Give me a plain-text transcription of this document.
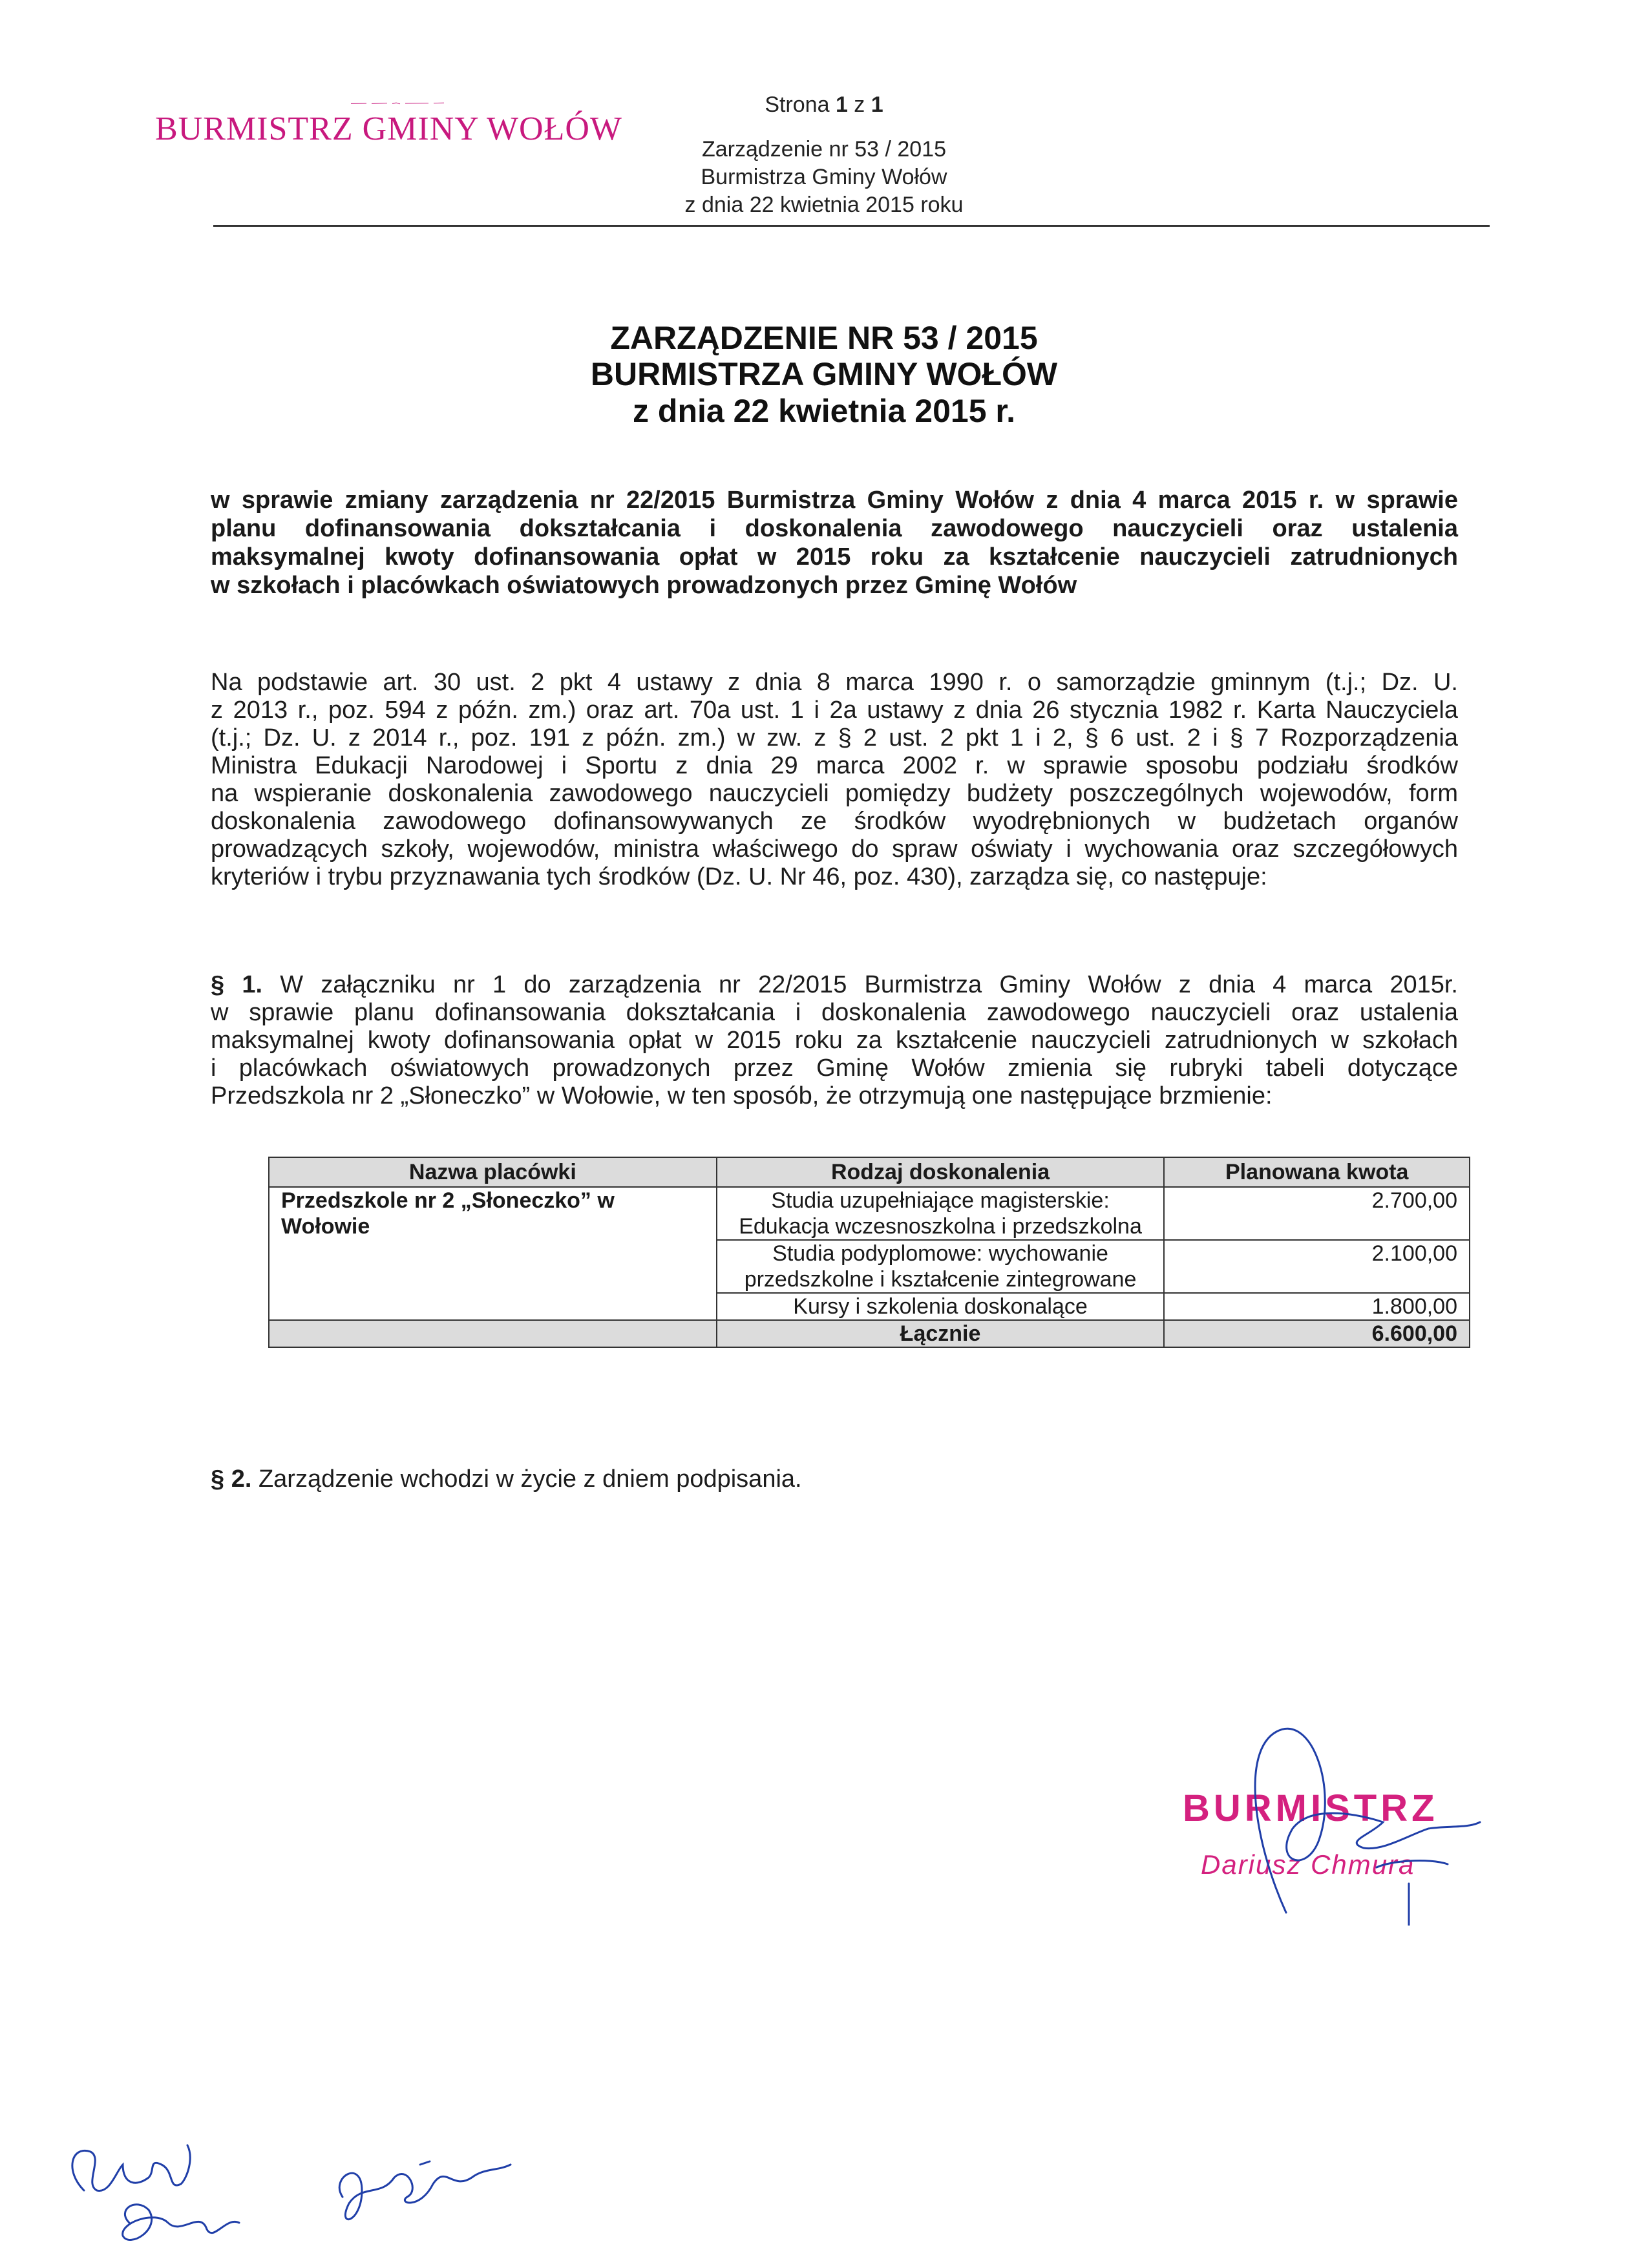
BURMISTRZ GMINY WOŁÓW
Strona 1 z 1
Zarządzenie nr 53 / 2015
Burmistrza Gminy Wołów
z dnia 22 kwietnia 2015 roku
ZARZĄDZENIE NR 53 / 2015
BURMISTRZA GMINY WOŁÓW
z dnia 22 kwietnia 2015 r.
w sprawie zmiany zarządzenia nr 22/2015 Burmistrza Gminy Wołów z dnia 4 marca 2015 r. w sprawie
planu dofinansowania dokształcania i doskonalenia zawodowego nauczycieli oraz ustalenia
maksymalnej kwoty dofinansowania opłat w 2015 roku za kształcenie nauczycieli zatrudnionych
w szkołach i placówkach oświatowych prowadzonych przez Gminę Wołów
Na podstawie art. 30 ust. 2 pkt 4 ustawy z dnia 8 marca 1990 r. o samorządzie gminnym (t.j.; Dz. U.
z 2013 r., poz. 594 z późn. zm.) oraz art. 70a ust. 1 i 2a ustawy z dnia 26 stycznia 1982 r. Karta Nauczyciela
(t.j.; Dz. U. z 2014 r., poz. 191 z późn. zm.) w zw. z § 2 ust. 2 pkt 1 i 2, § 6 ust. 2 i § 7 Rozporządzenia
Ministra Edukacji Narodowej i Sportu z dnia 29 marca 2002 r. w sprawie sposobu podziału środków
na wspieranie doskonalenia zawodowego nauczycieli pomiędzy budżety poszczególnych wojewodów, form
doskonalenia zawodowego dofinansowywanych ze środków wyodrębnionych w budżetach organów
prowadzących szkoły, wojewodów, ministra właściwego do spraw oświaty i wychowania oraz szczegółowych
kryteriów i trybu przyznawania tych środków (Dz. U. Nr 46, poz. 430), zarządza się, co następuje:
§ 1. W załączniku nr 1 do zarządzenia nr 22/2015 Burmistrza Gminy Wołów z dnia 4 marca 2015r.
w sprawie planu dofinansowania dokształcania i doskonalenia zawodowego nauczycieli oraz ustalenia
maksymalnej kwoty dofinansowania opłat w 2015 roku za kształcenie nauczycieli zatrudnionych w szkołach
i placówkach oświatowych prowadzonych przez Gminę Wołów zmienia się rubryki tabeli dotyczące
Przedszkola nr 2 „Słoneczko” w Wołowie, w ten sposób, że otrzymują one następujące brzmienie:
Nazwa placówki	Rodzaj doskonalenia	Planowana kwota
Przedszkole nr 2 „Słoneczko” w Wołowie	Studia uzupełniające magisterskie: Edukacja wczesnoszkolna i przedszkolna	2.700,00
	Studia podyplomowe: wychowanie przedszkolne i kształcenie zintegrowane	2.100,00
	Kursy i szkolenia doskonalące	1.800,00
	Łącznie	6.600,00
§ 2. Zarządzenie wchodzi w życie z dniem podpisania.
BURMISTRZ
Dariusz Chmura
